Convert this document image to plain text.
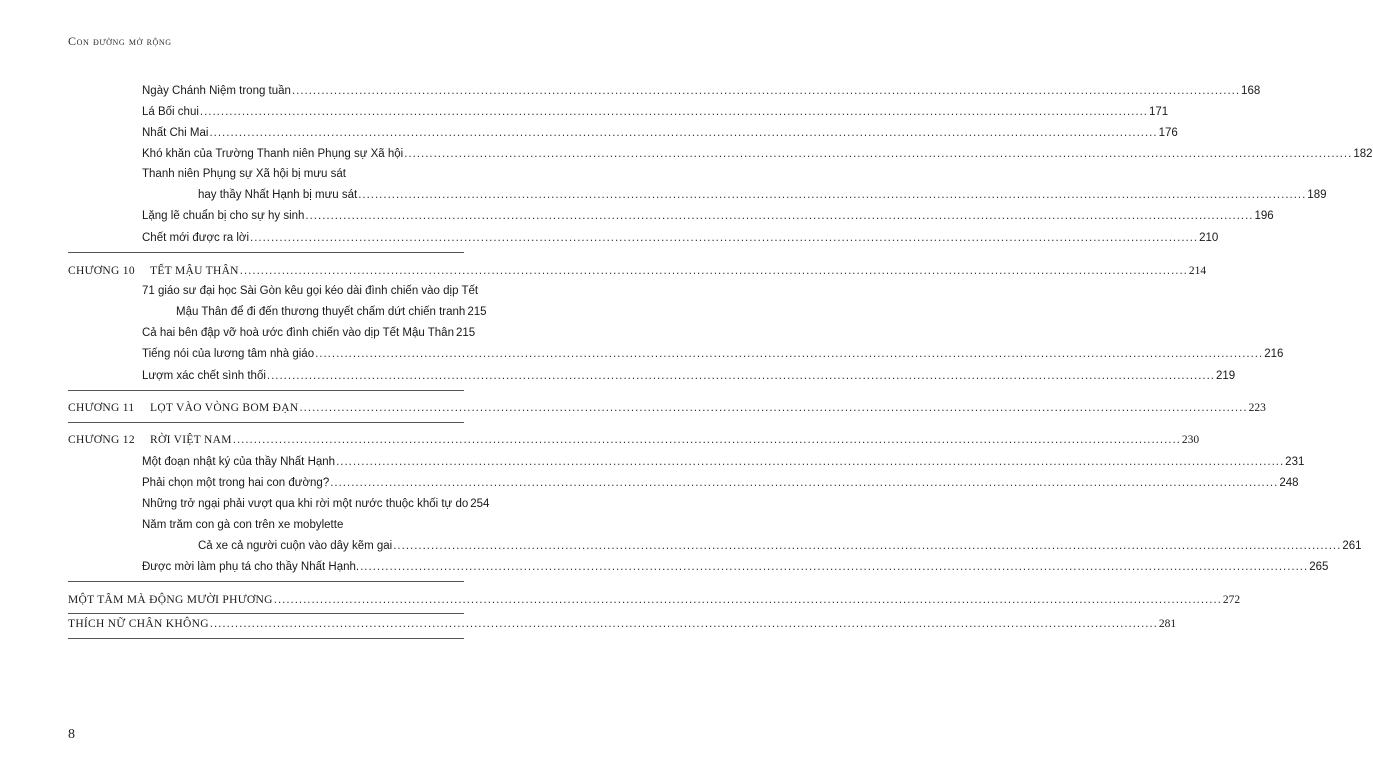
Con đường mở rộng
Ngày Chánh Niệm trong tuần .....	168
Lá Bối chui .....	171
Nhất Chi Mai .....	176
Khó khăn của Trường Thanh niên Phụng sự Xã hội .....	182
Thanh niên Phụng sự Xã hội bị mưu sát
hay thầy Nhất Hạnh bị mưu sát .....	189
Lặng lẽ chuẩn bị cho sự hy sinh .....	196
Chết mới được ra lời .....	210
CHƯƠNG 10	TẾT MẬU THÂN .....	214
71 giáo sư đại học Sài Gòn kêu gọi kéo dài đình chiến vào dịp Tết
Mậu Thân để đi đến thương thuyết chấm dứt chiến tranh 215
Cả hai bên đập vỡ hoà ước đình chiến vào dịp Tết Mậu Thân 215
Tiếng nói của lương tâm nhà giáo .....	216
Lượm xác chết sình thối .....	219
CHƯƠNG 11	LỌT VÀO VÒNG BOM ĐẠN .....	223
CHƯƠNG 12	RỜI VIỆT NAM .....	230
Một đoạn nhật ký của thầy Nhất Hạnh .....	231
Phải chọn một trong hai con đường? .....	248
Những trở ngại phải vượt qua khi rời một nước thuộc khối tự do 254
Năm trăm con gà con trên xe mobylette
Cả xe cả người cuộn vào dây kẽm gai .....	261
Được mời làm phụ tá cho thầy Nhất Hạnh. .....	265
MỘT TÂM MÀ ĐỘNG MƯỜI PHƯƠNG .....	272
THÍCH NỮ CHÂN KHÔNG .....	281
8
